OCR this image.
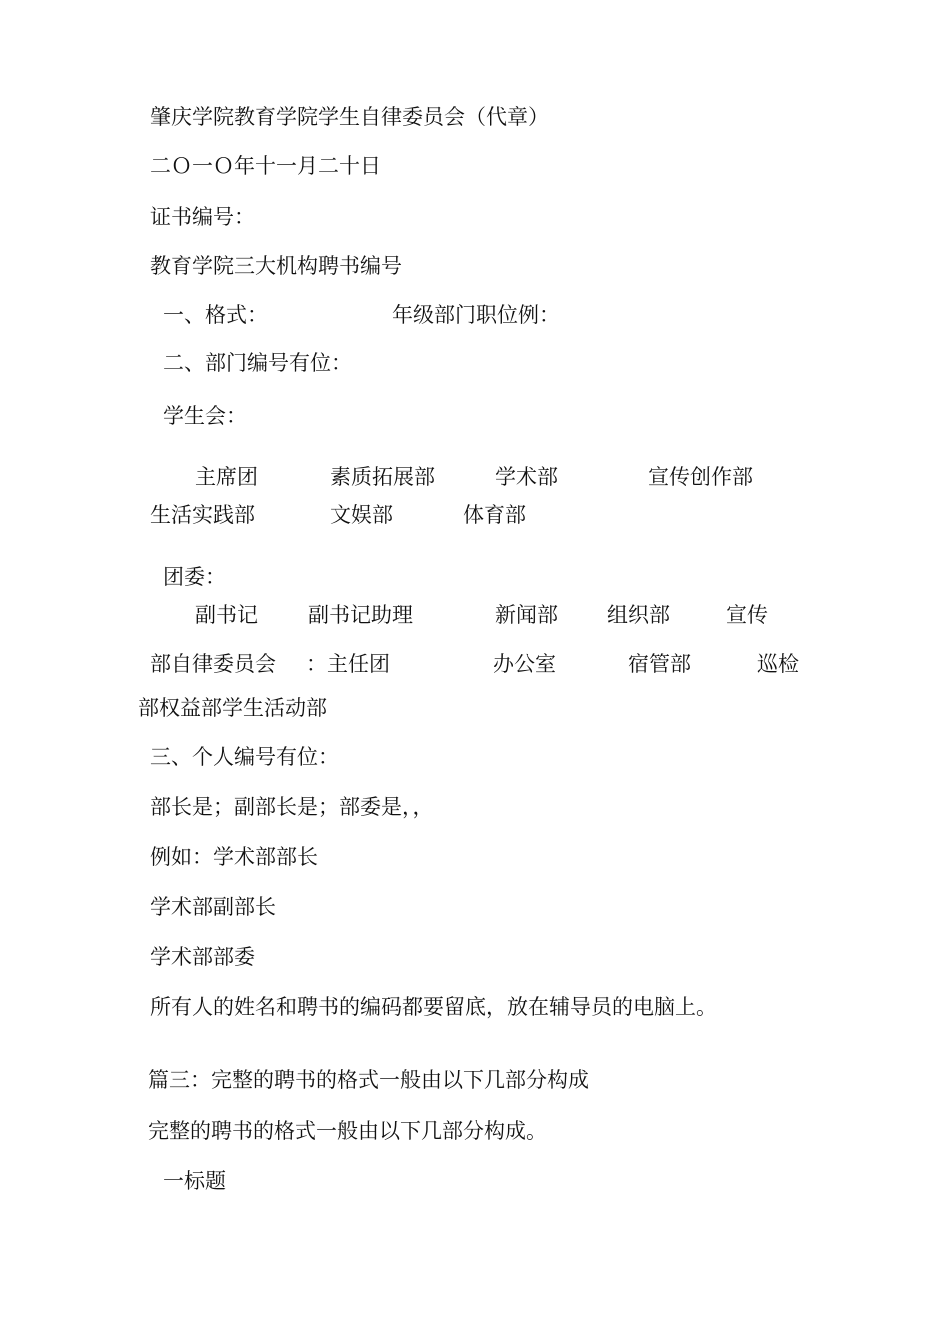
肇庆学院教育学院学生自律委员会（代章）
二Ｏ一Ｏ年十一月二十日
证书编号：
教育学院三大机构聘书编号
一、格式：	年级部门职位例：
二、部门编号有位：
学生会：
主席团	素质拓展部	学术部	宣传创作部
生活实践部	文娱部	体育部
团委：
副书记 副书记助理	新闻部 组织部	宣传
部自律委员会 ：主任团	办公室	宿管部	巡检
部权益部学生活动部
三、个人编号有位：
部长是；副部长是；部委是，，
例如：学术部部长
学术部副部长
学术部部委
所有人的姓名和聘书的编码都要留底，放在辅导员的电脑上。
篇三：完整的聘书的格式一般由以下几部分构成
完整的聘书的格式一般由以下几部分构成。
一标题
